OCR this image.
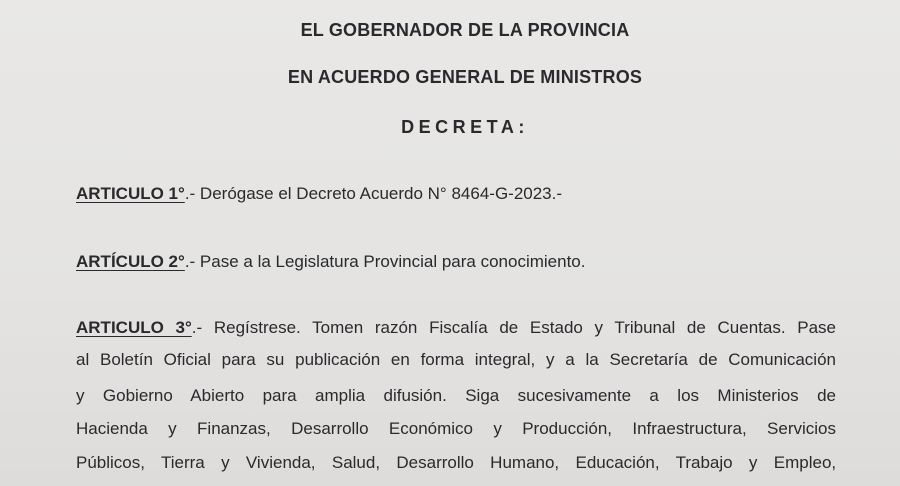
EL GOBERNADOR DE LA PROVINCIA
EN ACUERDO GENERAL DE MINISTROS
DECRETA:
ARTICULO 1°.- Derógase el Decreto Acuerdo N° 8464-G-2023.-
ARTÍCULO 2°.- Pase a la Legislatura Provincial para conocimiento.
ARTICULO 3°.- Regístrese. Tomen razón Fiscalía de Estado y Tribunal de Cuentas. Pase
al Boletín Oficial para su publicación en forma integral, y a la Secretaría de Comunicación
y Gobierno Abierto para amplia difusión. Siga sucesivamente a los Ministerios de
Hacienda y Finanzas, Desarrollo Económico y Producción, Infraestructura, Servicios
Públicos, Tierra y Vivienda, Salud, Desarrollo Humano, Educación, Trabajo y Empleo,
